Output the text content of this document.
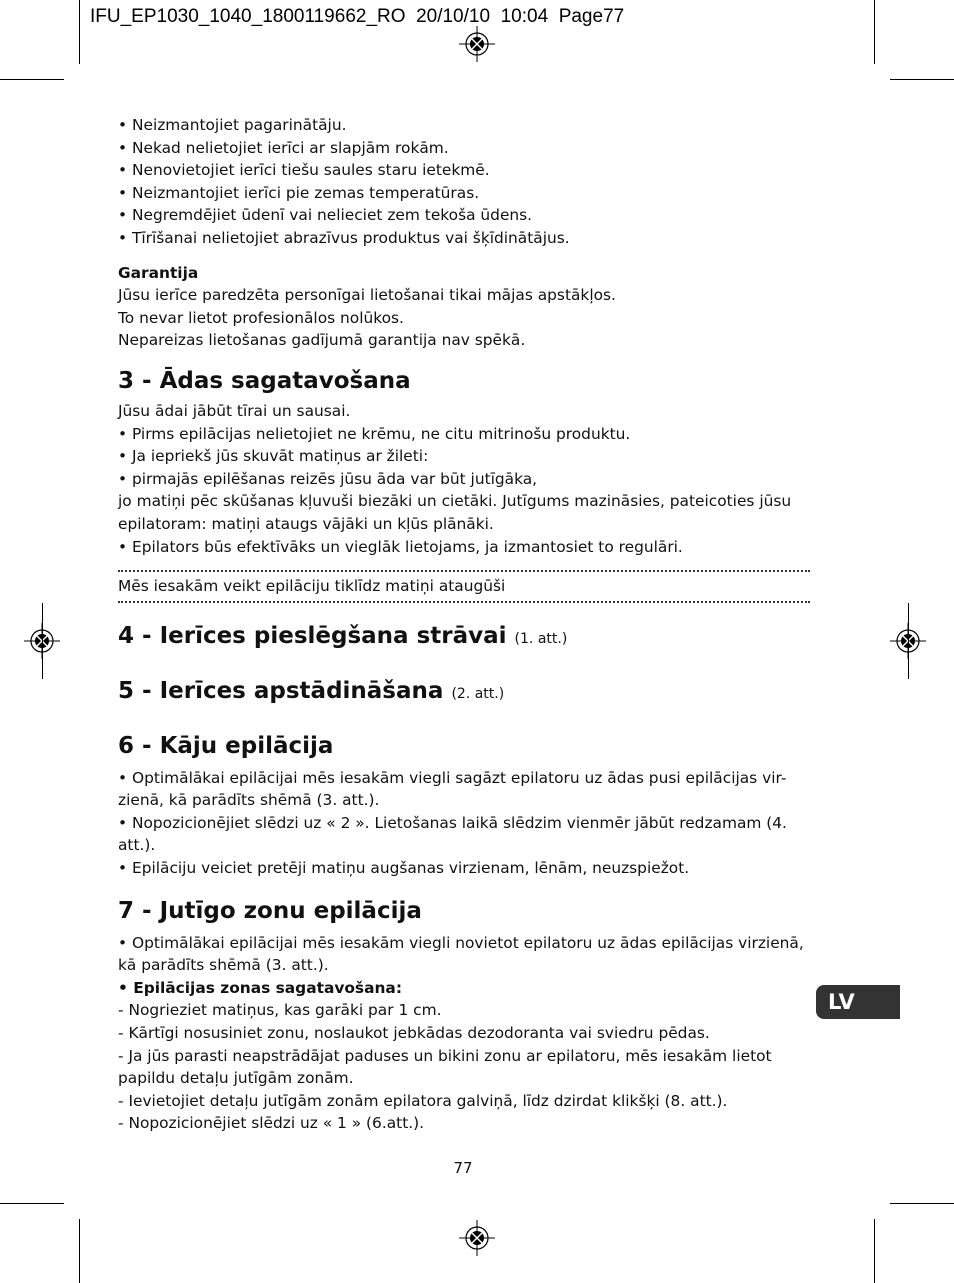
IFU_EP1030_1040_1800119662_RO  20/10/10  10:04  Page77

• Neizmantojiet pagarinātāju.

• Nekad nelietojiet ierīci ar slapjām rokām.

• Nenovietojiet ierīci tiešu saules staru ietekmē.

• Neizmantojiet ierīci pie zemas temperatūras.

• Negremdējiet ūdenī vai nelieciet zem tekoša ūdens.

• Tīrīšanai nelietojiet abrazīvus produktus vai šķīdinātājus.

Garantija

Jūsu ierīce paredzēta personīgai lietošanai tikai mājas apstākļos.

To nevar lietot profesionālos nolūkos.

Nepareizas lietošanas gadījumā garantija nav spēkā.

3 - Ādas sagatavošana

Jūsu ādai jābūt tīrai un sausai.

• Pirms epilācijas nelietojiet ne krēmu, ne citu mitrinošu produktu.

• Ja iepriekš jūs skuvāt matiņus ar žileti:

• pirmajās epilēšanas reizēs jūsu āda var būt jutīgāka,

jo matiņi pēc skūšanas kļuvuši biezāki un cietāki. Jutīgums mazināsies, pateicoties jūsu

epilatoram: matiņi ataugs vājāki un kļūs plānāki.

• Epilators būs efektīvāks un vieglāk lietojams, ja izmantosiet to regulāri.

Mēs iesakām veikt epilāciju tiklīdz matiņi ataugūši

4 - Ierīces pieslēgšana strāvai (1. att.)
5 - Ierīces apstādināšana (2. att.)
6 - Kāju epilācija

• Optimālākai epilācijai mēs iesakām viegli sagāzt epilatoru uz ādas pusi epilācijas vir-

zienā, kā parādīts shēmā (3. att.).

• Nopozicionējiet slēdzi uz « 2 ». Lietošanas laikā slēdzim vienmēr jābūt redzamam (4. att.).

• Epilāciju veiciet pretēji matiņu augšanas virzienam, lēnām, neuzspiežot.

7 - Jutīgo zonu epilācija

• Optimālākai epilācijai mēs iesakām viegli novietot epilatoru uz ādas epilācijas virzienā,

kā parādīts shēmā (3. att.).

• Epilācijas zonas sagatavošana:

- Nogrieziet matiņus, kas garāki par 1 cm.

- Kārtīgi nosusiniet zonu, noslaukot jebkādas dezodoranta vai sviedru pēdas.

- Ja jūs parasti neapstrādājat paduses un bikini zonu ar epilatoru, mēs iesakām lietot

papildu detaļu jutīgām zonām.

- Ievietojiet detaļu jutīgām zonām epilatora galviņā, līdz dzirdat klikšķi (8. att.).

- Nopozicionējiet slēdzi uz « 1 » (6.att.).

LV
77
